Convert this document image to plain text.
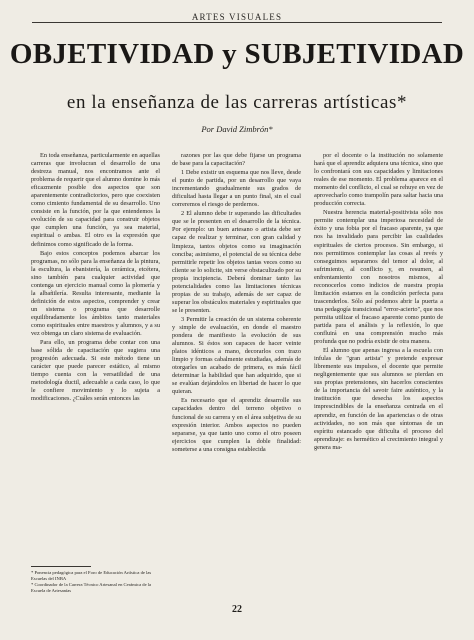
ARTES VISUALES
OBJETIVIDAD y SUBJETIVIDAD
en la enseñanza de las carreras artísticas*
Por David Zimbrón*

En toda enseñanza, particularmente en aquellas carreras que involucran el desarrollo de una destreza manual, nos encontramos ante el problema de requerir que el alumno domine lo más eficazmente posible dos aspectos que son aparentemente contradictorios, pero que coexisten como cimiento fundamental de su desarrollo. Uno consiste en la función, por la que entendemos la evolución de su capacidad para construir objetos que cumplen una función, ya sea material, espiritual o ambas. El otro es la expresión que definimos como significado de la forma.

Bajo estos conceptos podemos abarcar los programas, no sólo para la enseñanza de la pintura, la escultura, la ebanistería, la cerámica, etcétera, sino también para cualquier actividad que contenga un ejercicio manual como la plomería y la albañilería. Resulta interesante, mediante la definición de estos aspectos, comprender y crear un sistema o programa que desarrolle equilibradamente los ámbitos tanto materiales como espirituales entre maestros y alumnos, y a su vez obtenga un claro sistema de evaluación.

Para ello, un programa debe contar con una base sólida de capacitación que sugiera una progresión adecuada. Si este método tiene un carácter que puede parecer estático, al mismo tiempo cuenta con la versatilidad de una metodología ductil, adecuable a cada caso, lo que le confiere movimiento y lo sujeta a modificaciones. ¿Cuáles serán entonces las

razones por las que debe fijarse un programa de base para la capacitación?

1 Debe existir un esquema que nos lleve, desde el punto de partida, por un desarrollo que vaya incrementando gradualmente sus grados de dificultad hasta llegar a un punto final, sin el cual correremos el riesgo de perdernos.

2 El alumno debe ir superando las dificultades que se le presenten en el desarrollo de la técnica. Por ejemplo: un buen artesano o artista debe ser capaz de realizar y terminar, con gran calidad y limpieza, tantos objetos como su imaginación conciba; asimismo, el potencial de su técnica debe permitirle repetir los objetos tantas veces como su cliente se lo solicite, sin verse obstaculizado por su propia incipiencia. Deberá dominar tanto las potencialidades como las limitaciones técnicas propias de su trabajo, además de ser capaz de superar los obstáculos materiales y espirituales que se le presenten.

3 Permitir la creación de un sistema coherente y simple de evaluación, en donde el maestro pondera de manifiesto la evolución de sus alumnos. Si éstos son capaces de hacer veinte platos idénticos a mano, decorarlos con trazo limpio y formas cabalmente estudiadas, además de otorgarles un acabado de primera, es más fácil determinar la habilidad que han adquirido, que si se evalúan dejándolos en libertad de hacer lo que quieran.

Es necesario que el aprendiz desarrolle sus capacidades dentro del terreno objetivo o funcional de su carrera y en el área subjetiva de su expresión interior. Ambos aspectos no pueden separarse, ya que tanto uno como el otro poseen ejercicios que cumplen la doble finalidad: someterse a una consigna establecida

por el docente o la institución no solamente hará que el aprendiz adquiera una técnica, sino que lo confrontará con sus capacidades y limitaciones reales de ese momento. El problema aparece en el momento del conflicto, el cual se rehuye en vez de aprovecharlo como trampolín para saltar hacia una producción correcta.

Nuestra herencia material-positivista sólo nos permite contemplar una imperiosa necesidad de éxito y una fobia por el fracaso aparente, ya que nos ha invalidado para percibir las cualidades espirituales de ciertos procesos. Sin embargo, si nos permitimos contemplar las cosas al revés y conseguimos separarnos del temor al dolor, al sufrimiento, al conflicto y, en resumen, al enfrentamiento con nosotros mismos, al reconocerlos como indicios de nuestra propia limitación estamos en la condición perfecta para trascenderlos. Sólo así podemos abrir la puerta a una pedagogía transicional "error-acierto", que nos permita utilizar el fracaso aparente como punto de partida para el análisis y la reflexión, lo que confluirá en una comprensión mucho más profunda que no podría existir de otra manera.

El alumno que apenas ingresa a la escuela con infulas de "gran artista" y pretende expresar libremente sus impulsos, el docente que permite negligentemente que sus alumnos se pierdan en sus propias pretensiones, sin hacerlos conscientes de la importancia del savoir faire auténtico, y la institución que desecha los aspectos imprescindibles de la enseñanza centrada en el aprendiz, en función de las apariencias o de otras actividades, no son más que síntomas de un espíritu estancado que dificulta el proceso del aprendizaje: es hermético al crecimiento integral y genera ma-

* Ponencia pedagógica para el Foro de Educación Artística de las Escuelas del INBA
* Coordinador de la Carrera Técnico Artesanal en Cerámica de la Escuela de Artesanías
22
